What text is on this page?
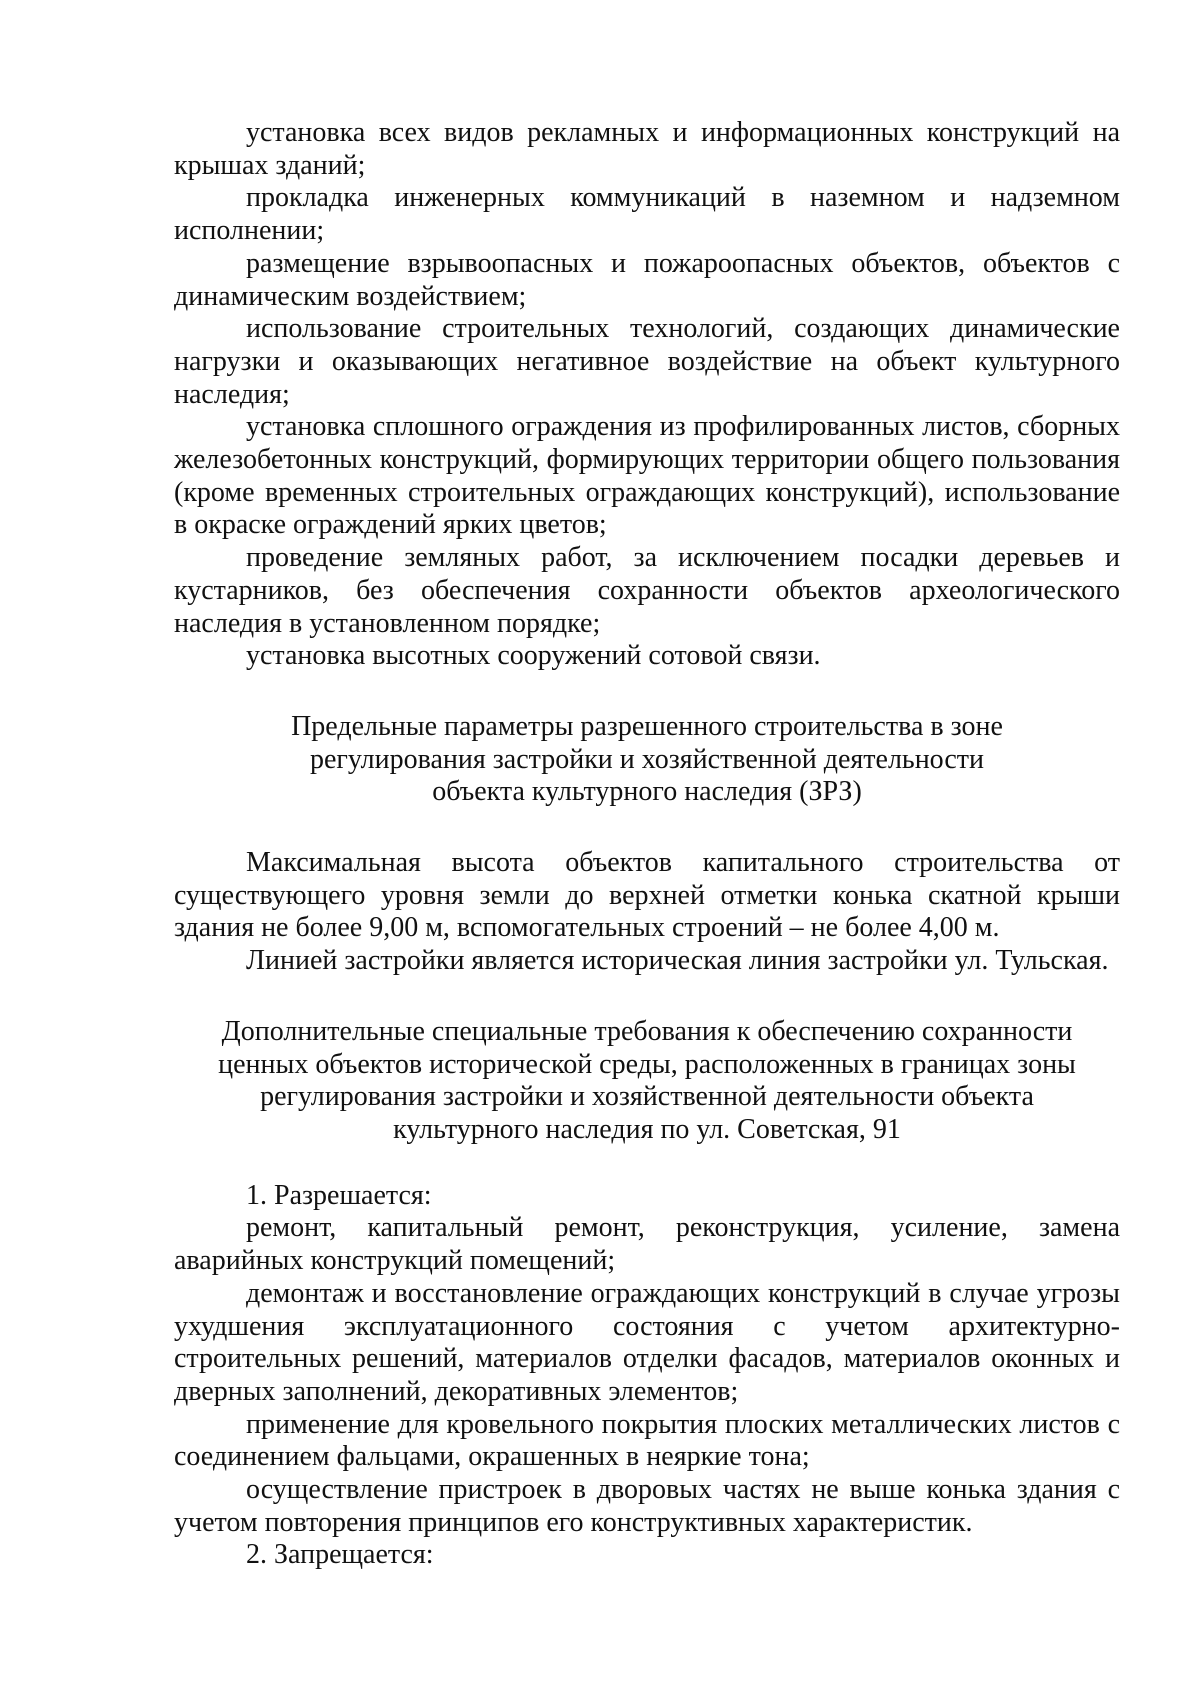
установка всех видов рекламных и информационных конструкций на крышах зданий;

прокладка инженерных коммуникаций в наземном и надземном исполнении;

размещение взрывоопасных и пожароопасных объектов, объектов с динамическим воздействием;

использование строительных технологий, создающих динамические нагрузки и оказывающих негативное воздействие на объект культурного наследия;

установка сплошного ограждения из профилированных листов, сборных железобетонных конструкций, формирующих территории общего пользования (кроме временных строительных ограждающих конструкций), использование в окраске ограждений ярких цветов;

проведение земляных работ, за исключением посадки деревьев и кустарников, без обеспечения сохранности объектов археологического наследия в установленном порядке;

установка высотных сооружений сотовой связи.

Предельные параметры разрешенного строительства в зоне
регулирования застройки и хозяйственной деятельности
объекта культурного наследия (ЗРЗ)

Максимальная высота объектов капитального строительства от существующего уровня земли до верхней отметки конька скатной крыши здания не более 9,00 м, вспомогательных строений – не более 4,00 м.

Линией застройки является историческая линия застройки ул. Тульская.

Дополнительные специальные требования к обеспечению сохранности
ценных объектов исторической среды, расположенных в границах зоны
регулирования застройки и хозяйственной деятельности объекта
культурного наследия по ул. Советская, 91

1. Разрешается:

ремонт, капитальный ремонт, реконструкция, усиление, замена аварийных конструкций помещений;

демонтаж и восстановление ограждающих конструкций в случае угрозы ухудшения эксплуатационного состояния с учетом архитектурно-строительных решений, материалов отделки фасадов, материалов оконных и дверных заполнений, декоративных элементов;

применение для кровельного покрытия плоских металлических листов с соединением фальцами, окрашенных в неяркие тона;

осуществление пристроек в дворовых частях не выше конька здания с учетом повторения принципов его конструктивных характеристик.

2. Запрещается:
